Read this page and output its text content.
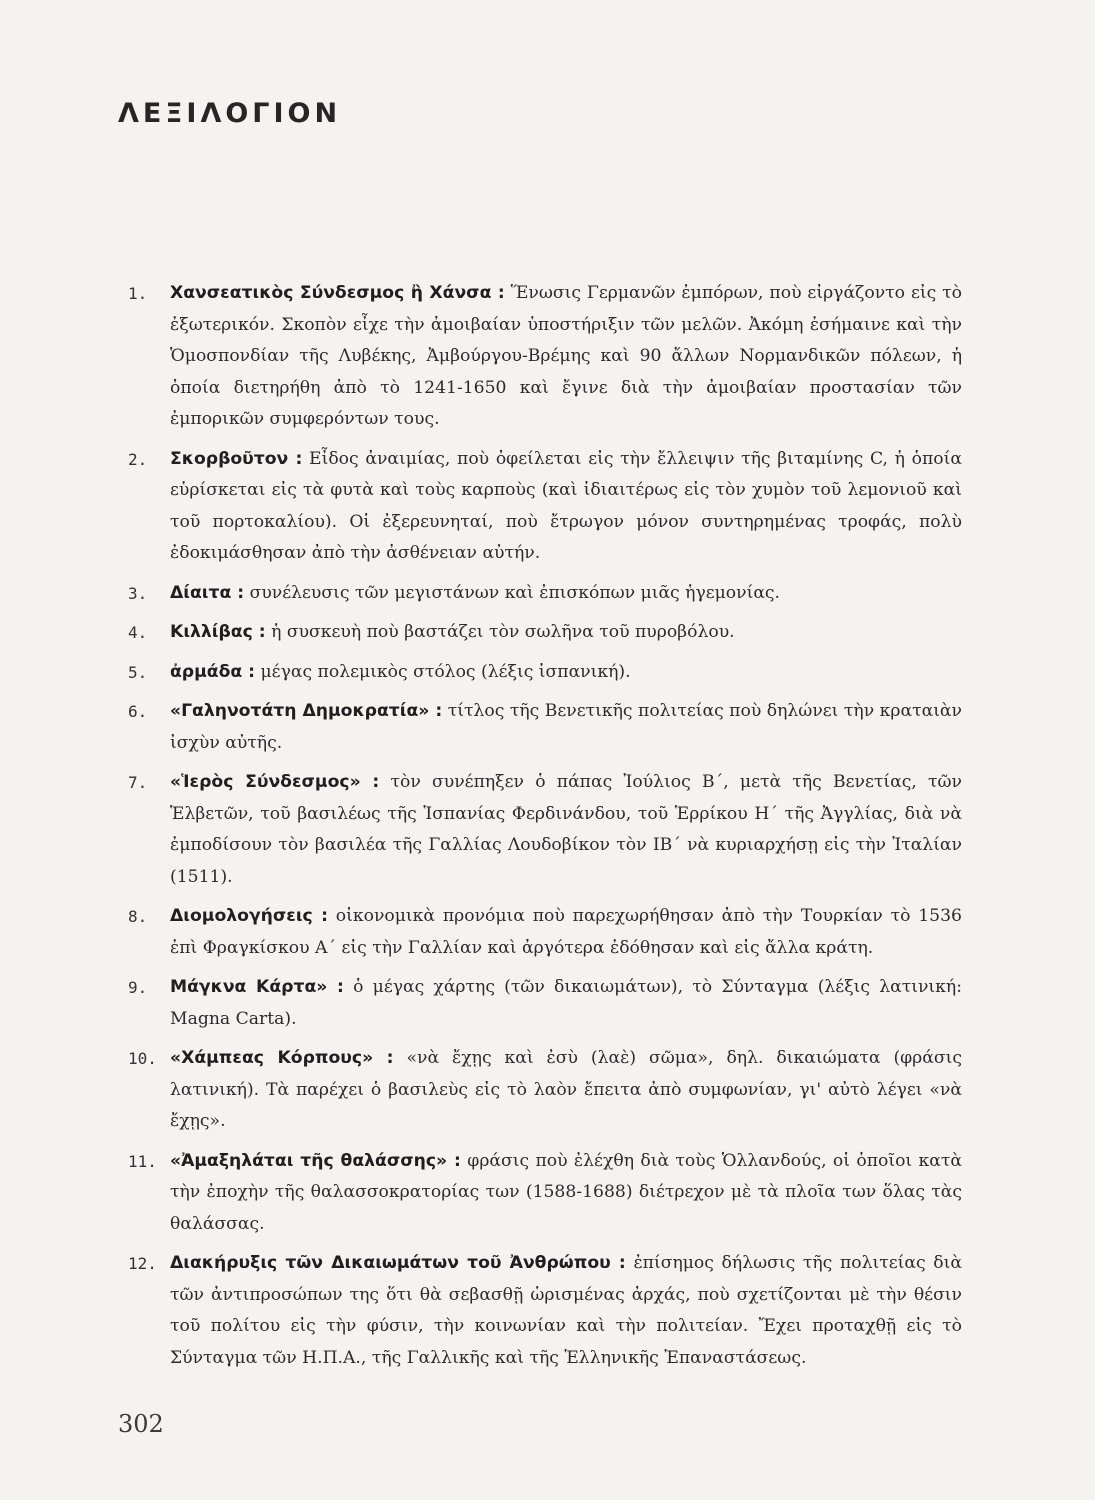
ΛΕΞΙΛΟΓΙΟΝ
1.	Χανσεατικὸς Σύνδεσμος ἢ Χάνσα : Ἕνωσις Γερμανῶν ἐμπόρων, ποὺ εἰργάζοντο εἰς τὸ ἐξωτερικόν. Σκοπὸν εἶχε τὴν ἀμοιβαίαν ὑποστήριξιν τῶν μελῶν. Ἀκόμη ἐσήμαινε καὶ τὴν Ὁμοσπονδίαν τῆς Λυβέκης, Ἀμβούργου-Βρέμης καὶ 90 ἄλλων Νορμανδικῶν πόλεων, ἡ ὁποία διετηρήθη ἀπὸ τὸ 1241-1650 καὶ ἔγινε διὰ τὴν ἀμοιβαίαν προστασίαν τῶν ἐμπορικῶν συμφερόντων τους.
2.	Σκορβοῦτον : Εἶδος ἀναιμίας, ποὺ ὀφείλεται εἰς τὴν ἔλλειψιν τῆς βιταμίνης C, ἡ ὁποία εὑρίσκεται εἰς τὰ φυτὰ καὶ τοὺς καρποὺς (καὶ ἰδιαιτέρως εἰς τὸν χυμὸν τοῦ λεμονιοῦ καὶ τοῦ πορτοκαλίου). Οἱ ἐξερευνηταί, ποὺ ἔτρωγον μόνον συντηρημένας τροφάς, πολὺ ἐδοκιμάσθησαν ἀπὸ τὴν ἀσθένειαν αὐτήν.
3.	Δίαιτα : συνέλευσις τῶν μεγιστάνων καὶ ἐπισκόπων μιᾶς ἡγεμονίας.
4.	Κιλλίβας : ἡ συσκευὴ ποὺ βαστάζει τὸν σωλῆνα τοῦ πυροβόλου.
5.	ἀρμάδα : μέγας πολεμικὸς στόλος (λέξις ἱσπανική).
6.	«Γαληνοτάτη Δημοκρατία» : τίτλος τῆς Βενετικῆς πολιτείας ποὺ δηλώνει τὴν κραταιὰν ἰσχὺν αὐτῆς.
7.	«Ἱερὸς Σύνδεσμος» : τὸν συνέπηξεν ὁ πάπας Ἰούλιος Β΄, μετὰ τῆς Βενετίας, τῶν Ἑλβετῶν, τοῦ βασιλέως τῆς Ἱσπανίας Φερδινάνδου, τοῦ Ἑρρίκου Η΄ τῆς Ἀγγλίας, διὰ νὰ ἐμποδίσουν τὸν βασιλέα τῆς Γαλλίας Λουδοβίκον τὸν ΙΒ΄ νὰ κυριαρχήσῃ εἰς τὴν Ἰταλίαν (1511).
8.	Διομολογήσεις : οἰκονομικὰ προνόμια ποὺ παρεχωρήθησαν ἀπὸ τὴν Τουρκίαν τὸ 1536 ἐπὶ Φραγκίσκου Α΄ εἰς τὴν Γαλλίαν καὶ ἀργότερα ἐδόθησαν καὶ εἰς ἄλλα κράτη.
9.	Μάγκνα Κάρτα» : ὁ μέγας χάρτης (τῶν δικαιωμάτων), τὸ Σύνταγμα (λέξις λατινική: Magna Carta).
10. «Χάμπεας Κόρπους» : «νὰ ἔχῃς καὶ ἐσὺ (λαὲ) σῶμα», δηλ. δικαιώματα (φράσις λατινική). Τὰ παρέχει ὁ βασιλεὺς εἰς τὸ λαὸν ἔπειτα ἀπὸ συμφωνίαν, γι' αὐτὸ λέγει «νὰ ἔχῃς».
11. «Ἀμαξηλάται τῆς θαλάσσης» : φράσις ποὺ ἐλέχθη διὰ τοὺς Ὁλλανδούς, οἱ ὁποῖοι κατὰ τὴν ἐποχὴν τῆς θαλασσοκρατορίας των (1588-1688) διέτρεχον μὲ τὰ πλοῖα των ὅλας τὰς θαλάσσας.
12. Διακήρυξις τῶν Δικαιωμάτων τοῦ Ἀνθρώπου : ἐπίσημος δήλωσις τῆς πολιτείας διὰ τῶν ἀντιπροσώπων της ὅτι θὰ σεβασθῇ ὡρισμένας ἀρχάς, ποὺ σχετίζονται μὲ τὴν θέσιν τοῦ πολίτου εἰς τὴν φύσιν, τὴν κοινωνίαν καὶ τὴν πολιτείαν. Ἔχει προταχθῇ εἰς τὸ Σύνταγμα τῶν Η.Π.Α., τῆς Γαλλικῆς καὶ τῆς Ἑλληνικῆς Ἐπαναστάσεως.
302
